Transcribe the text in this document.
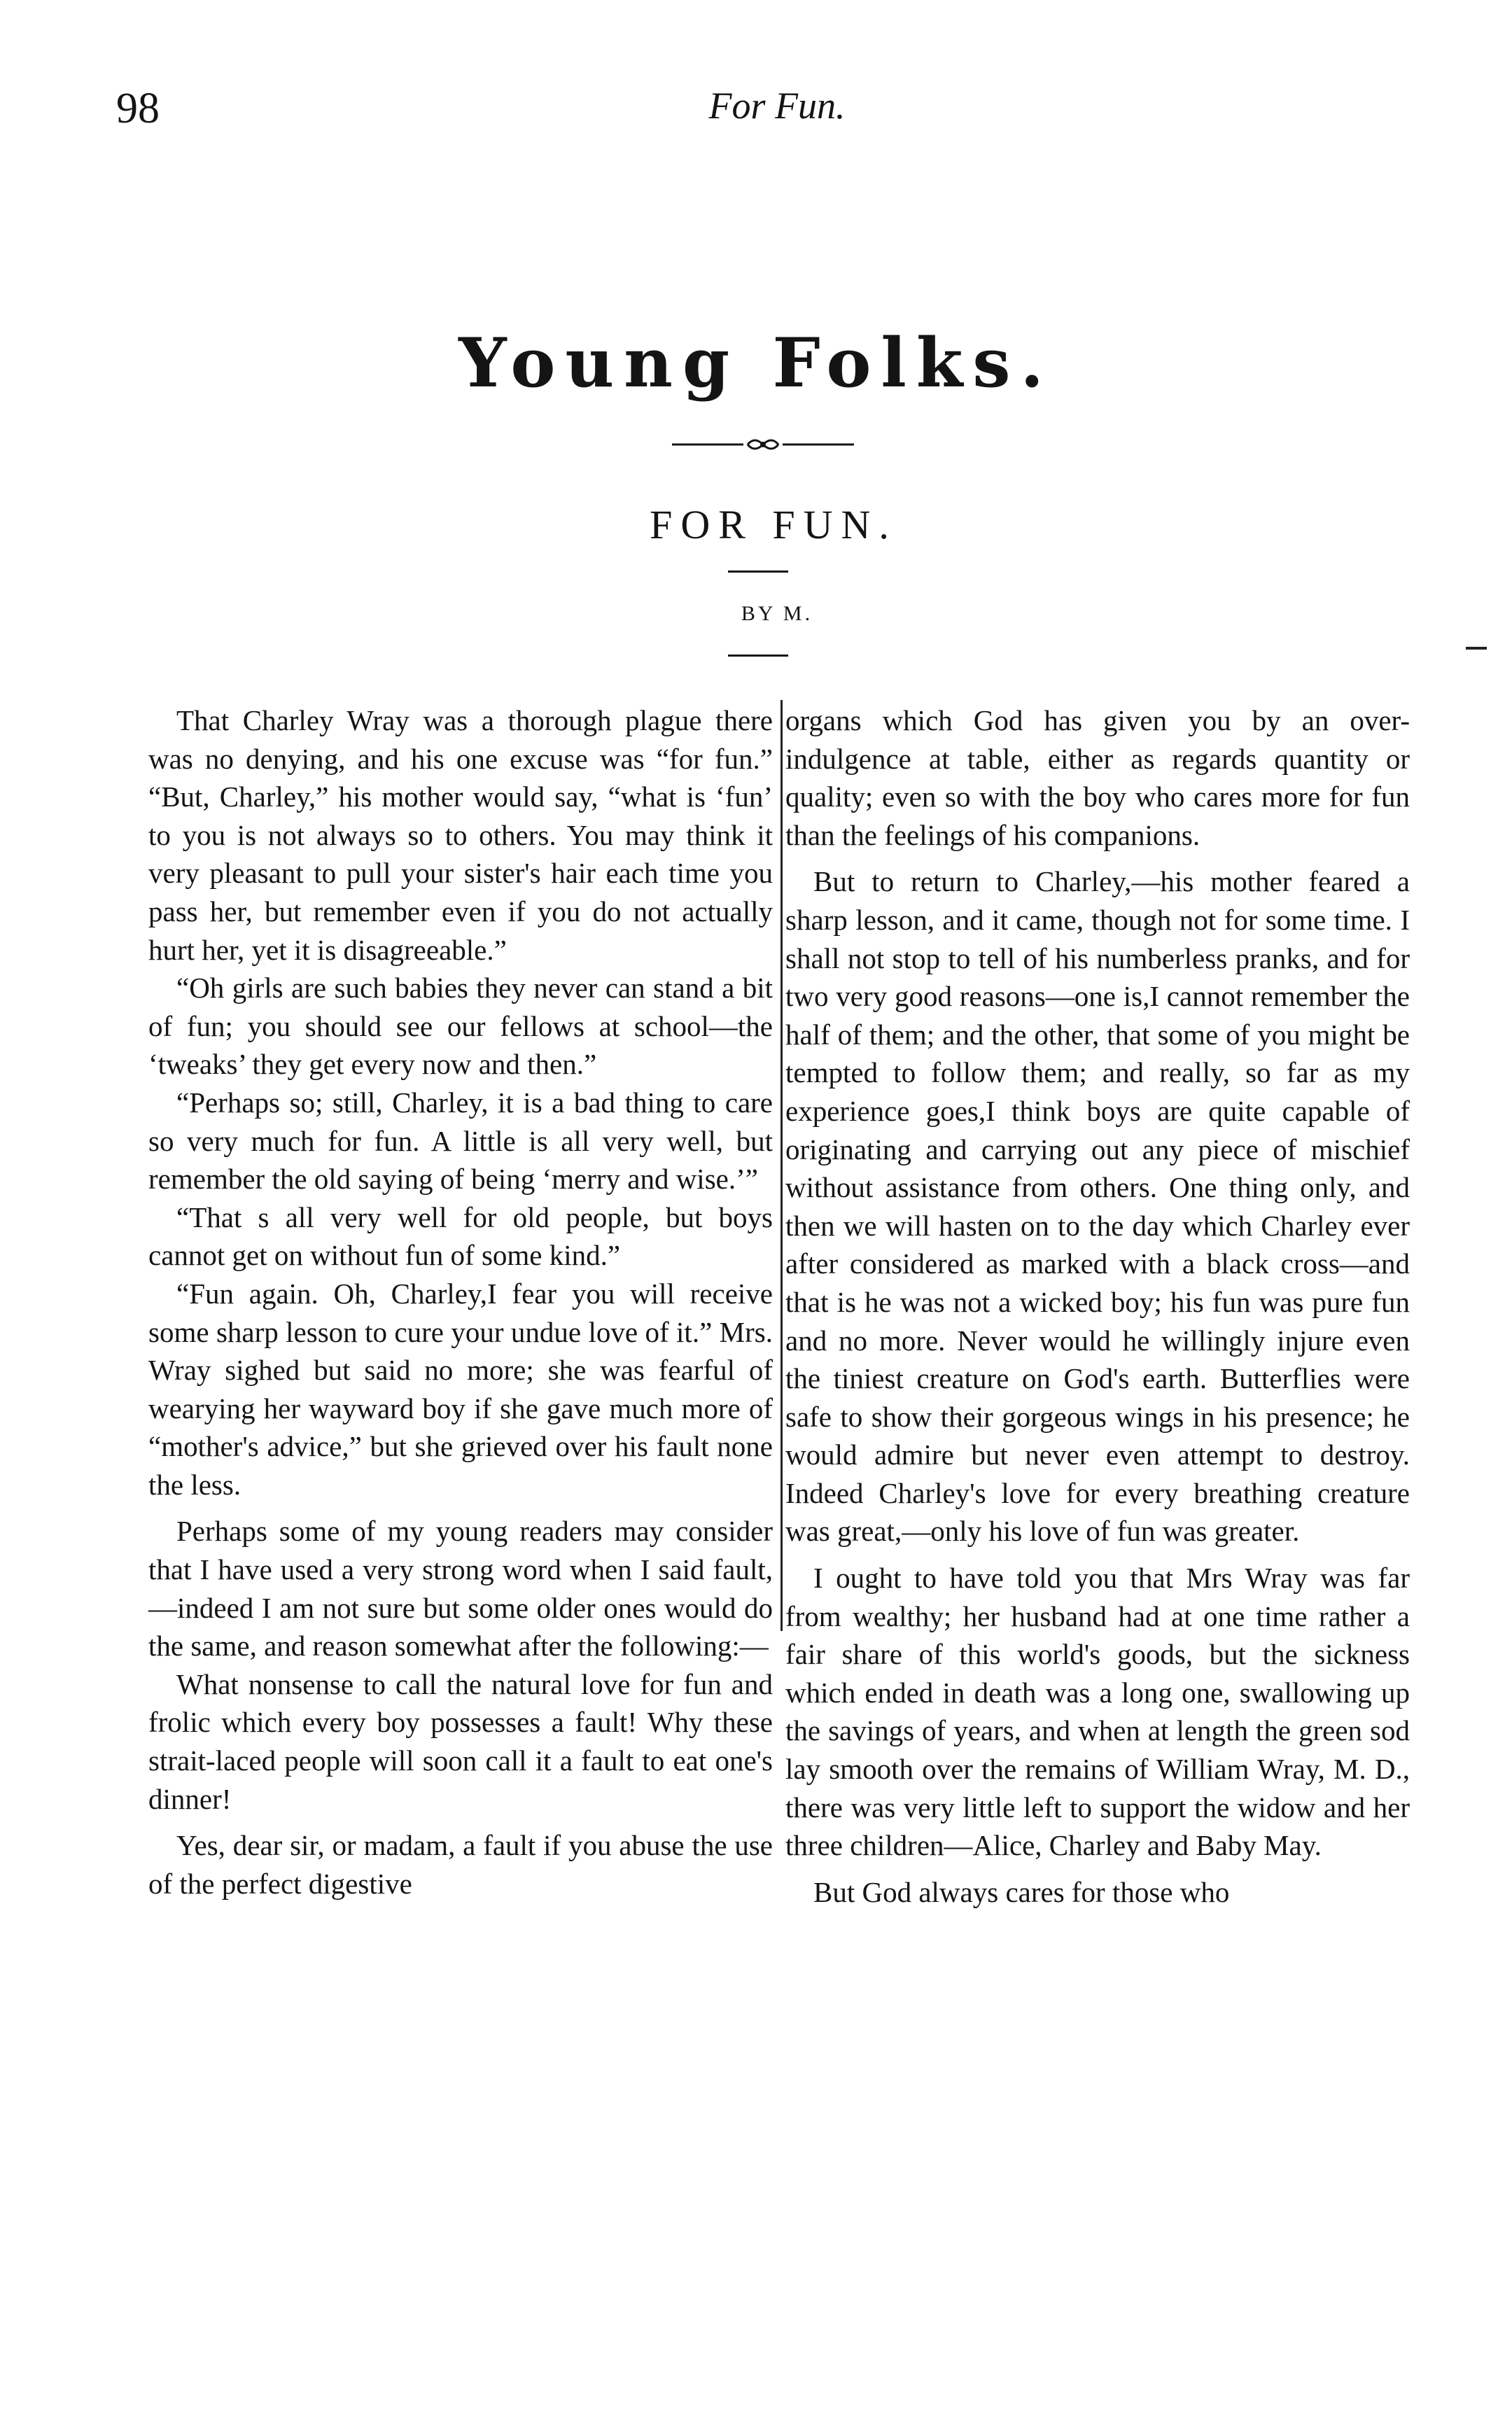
98	For Fun.
Young Folks.
FOR FUN.
BY M.

That Charley Wray was a thorough plague there was no denying, and his one excuse was “for fun.” “But, Charley,” his mother would say, “what is ‘fun’ to you is not always so to others. You may think it very pleasant to pull your sister's hair each time you pass her, but remember even if you do not actually hurt her, yet it is disagreeable.”

“Oh girls are such babies they never can stand a bit of fun; you should see our fellows at school—the ‘tweaks’ they get every now and then.”

“Perhaps so; still, Charley, it is a bad thing to care so very much for fun. A little is all very well, but remember the old saying of being ‘merry and wise.’”

“That s all very well for old people, but boys cannot get on without fun of some kind.”

“Fun again. Oh, Charley,I fear you will receive some sharp lesson to cure your undue love of it.” Mrs. Wray sighed but said no more; she was fearful of wearying her wayward boy if she gave much more of “mother's advice,” but she grieved over his fault none the less.

Perhaps some of my young readers may consider that I have used a very strong word when I said fault,—indeed I am not sure but some older ones would do the same, and reason somewhat after the following:—

What nonsense to call the natural love for fun and frolic which every boy possesses a fault! Why these strait-laced people will soon call it a fault to eat one's dinner!

Yes, dear sir, or madam, a fault if you abuse the use of the perfect digestive

organs which God has given you by an over-indulgence at table, either as regards quantity or quality; even so with the boy who cares more for fun than the feelings of his companions.

But to return to Charley,—his mother feared a sharp lesson, and it came, though not for some time. I shall not stop to tell of his numberless pranks, and for two very good reasons—one is,I cannot remember the half of them; and the other, that some of you might be tempted to follow them; and really, so far as my experience goes,I think boys are quite capable of originating and carrying out any piece of mischief without assistance from others. One thing only, and then we will hasten on to the day which Charley ever after considered as marked with a black cross—and that is he was not a wicked boy; his fun was pure fun and no more. Never would he willingly injure even the tiniest creature on God's earth. Butterflies were safe to show their gorgeous wings in his presence; he would admire but never even attempt to destroy. Indeed Charley's love for every breathing creature was great,—only his love of fun was greater.

I ought to have told you that Mrs Wray was far from wealthy; her husband had at one time rather a fair share of this world's goods, but the sickness which ended in death was a long one, swallowing up the savings of years, and when at length the green sod lay smooth over the remains of William Wray, M. D., there was very little left to support the widow and her three children—Alice, Charley and Baby May.

But God always cares for those who
